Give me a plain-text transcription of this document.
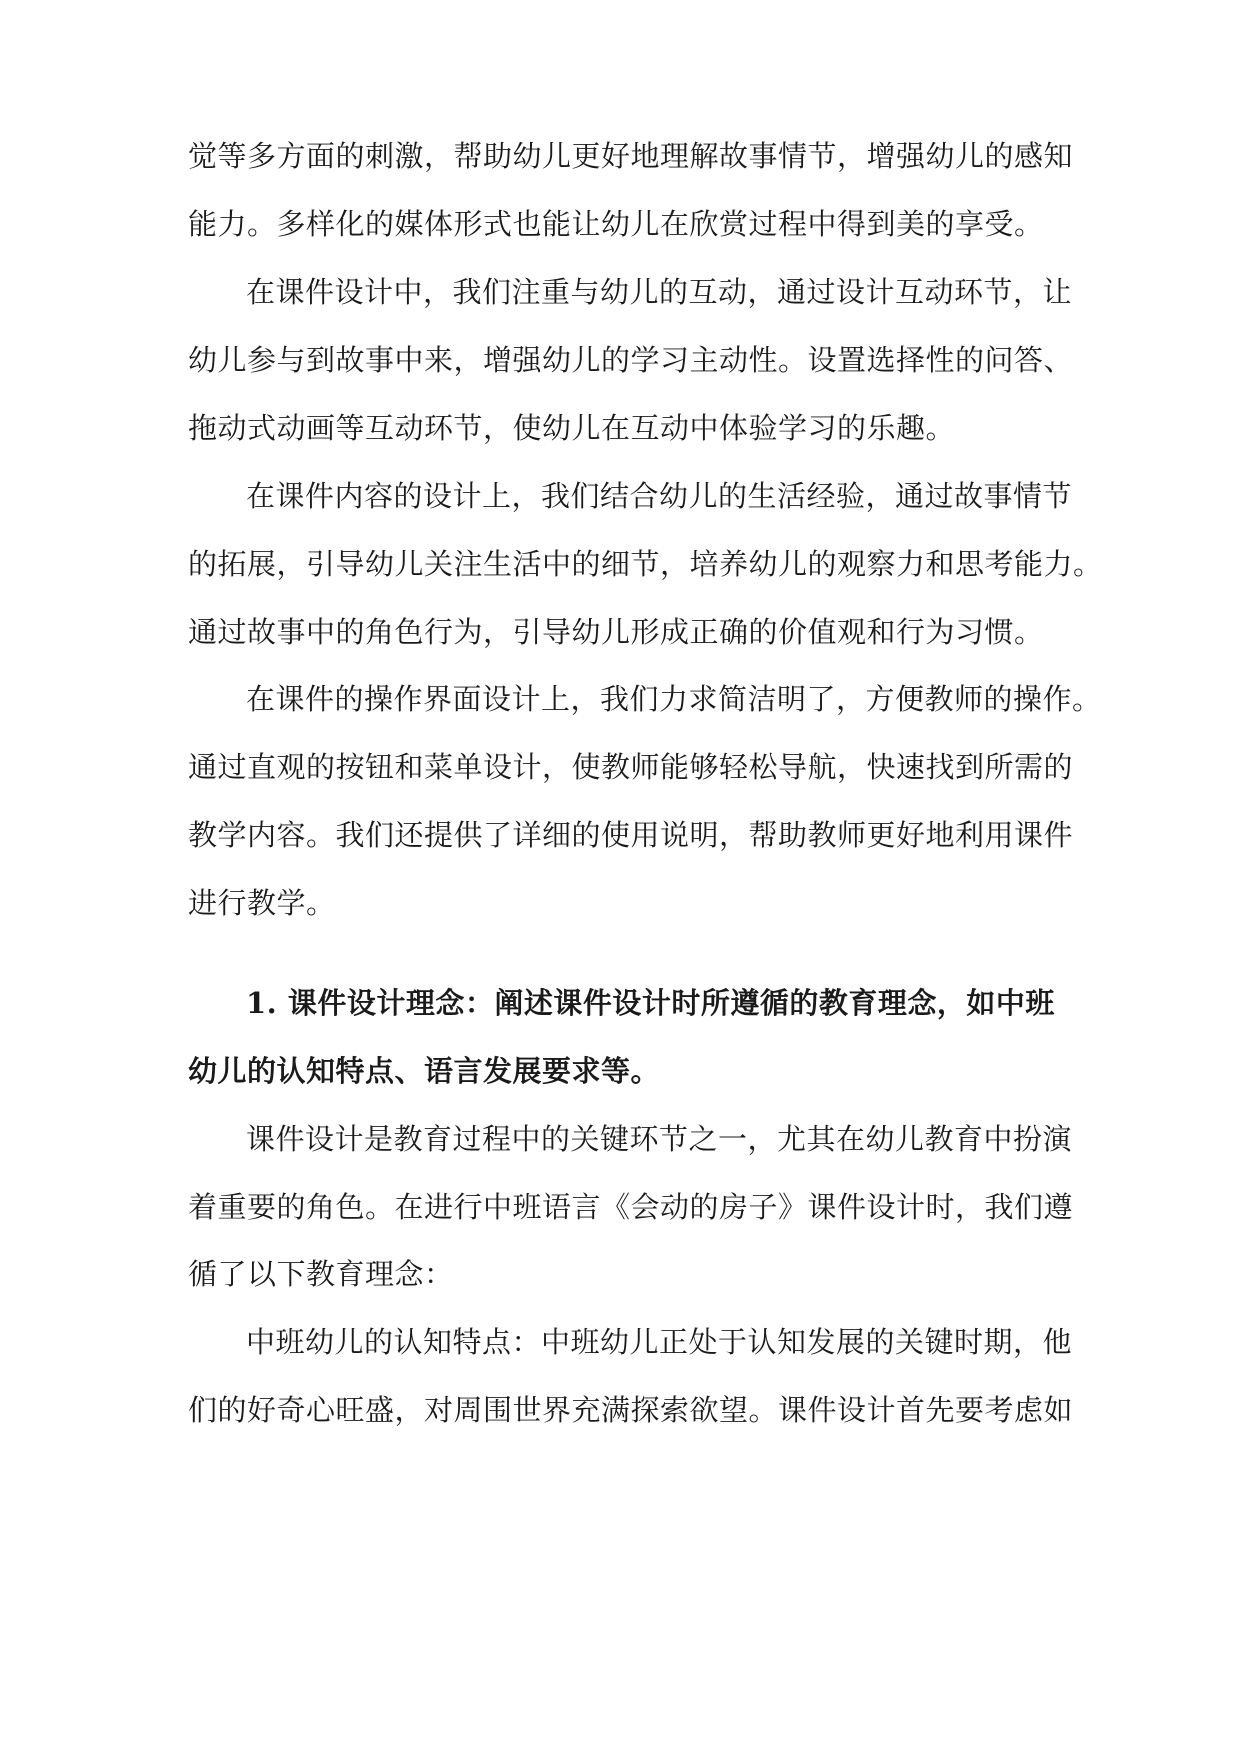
觉等多方面的刺激，帮助幼儿更好地理解故事情节，增强幼儿的感知
能力。多样化的媒体形式也能让幼儿在欣赏过程中得到美的享受。
在课件设计中，我们注重与幼儿的互动，通过设计互动环节，让
幼儿参与到故事中来，增强幼儿的学习主动性。设置选择性的问答、
拖动式动画等互动环节，使幼儿在互动中体验学习的乐趣。
在课件内容的设计上，我们结合幼儿的生活经验，通过故事情节
的拓展，引导幼儿关注生活中的细节，培养幼儿的观察力和思考能力。
通过故事中的角色行为，引导幼儿形成正确的价值观和行为习惯。
在课件的操作界面设计上，我们力求简洁明了，方便教师的操作。
通过直观的按钮和菜单设计，使教师能够轻松导航，快速找到所需的
教学内容。我们还提供了详细的使用说明，帮助教师更好地利用课件
进行教学。
1. 课件设计理念：阐述课件设计时所遵循的教育理念，如中班
幼儿的认知特点、语言发展要求等。
课件设计是教育过程中的关键环节之一，尤其在幼儿教育中扮演
着重要的角色。在进行中班语言《会动的房子》课件设计时，我们遵
循了以下教育理念：
中班幼儿的认知特点：中班幼儿正处于认知发展的关键时期，他
们的好奇心旺盛，对周围世界充满探索欲望。课件设计首先要考虑如
